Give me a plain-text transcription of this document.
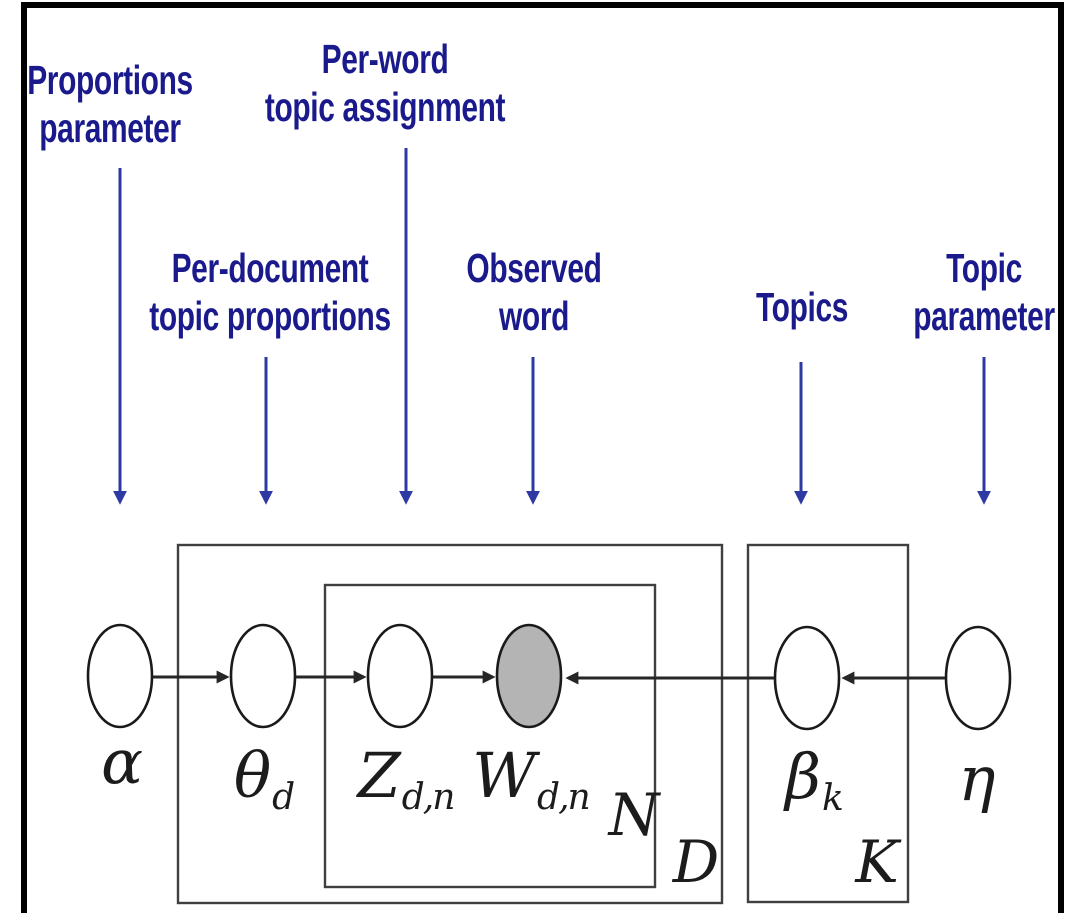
Proportions
parameter
Per-word
topic assignment
Per-document
topic proportions
Observed
word	Topics
Topic
parameter
α $\theta_d$ $Z_{d,n}$ $W_{d,n}$	$\beta_k$ η
D
N
K
